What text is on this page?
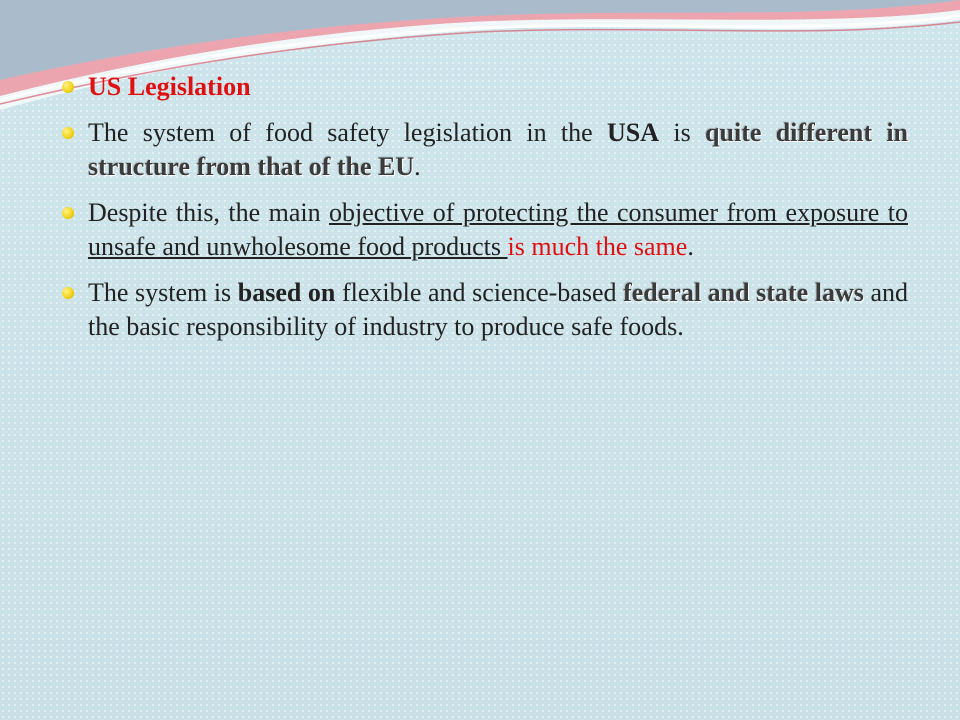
US Legislation
The system of food safety legislation in the USA is quite different in structure from that of the EU.
Despite this, the main objective of protecting the consumer from exposure to unsafe and unwholesome food products is much the same.
The system is based on flexible and science-based federal and state laws and the basic responsibility of industry to produce safe foods.
